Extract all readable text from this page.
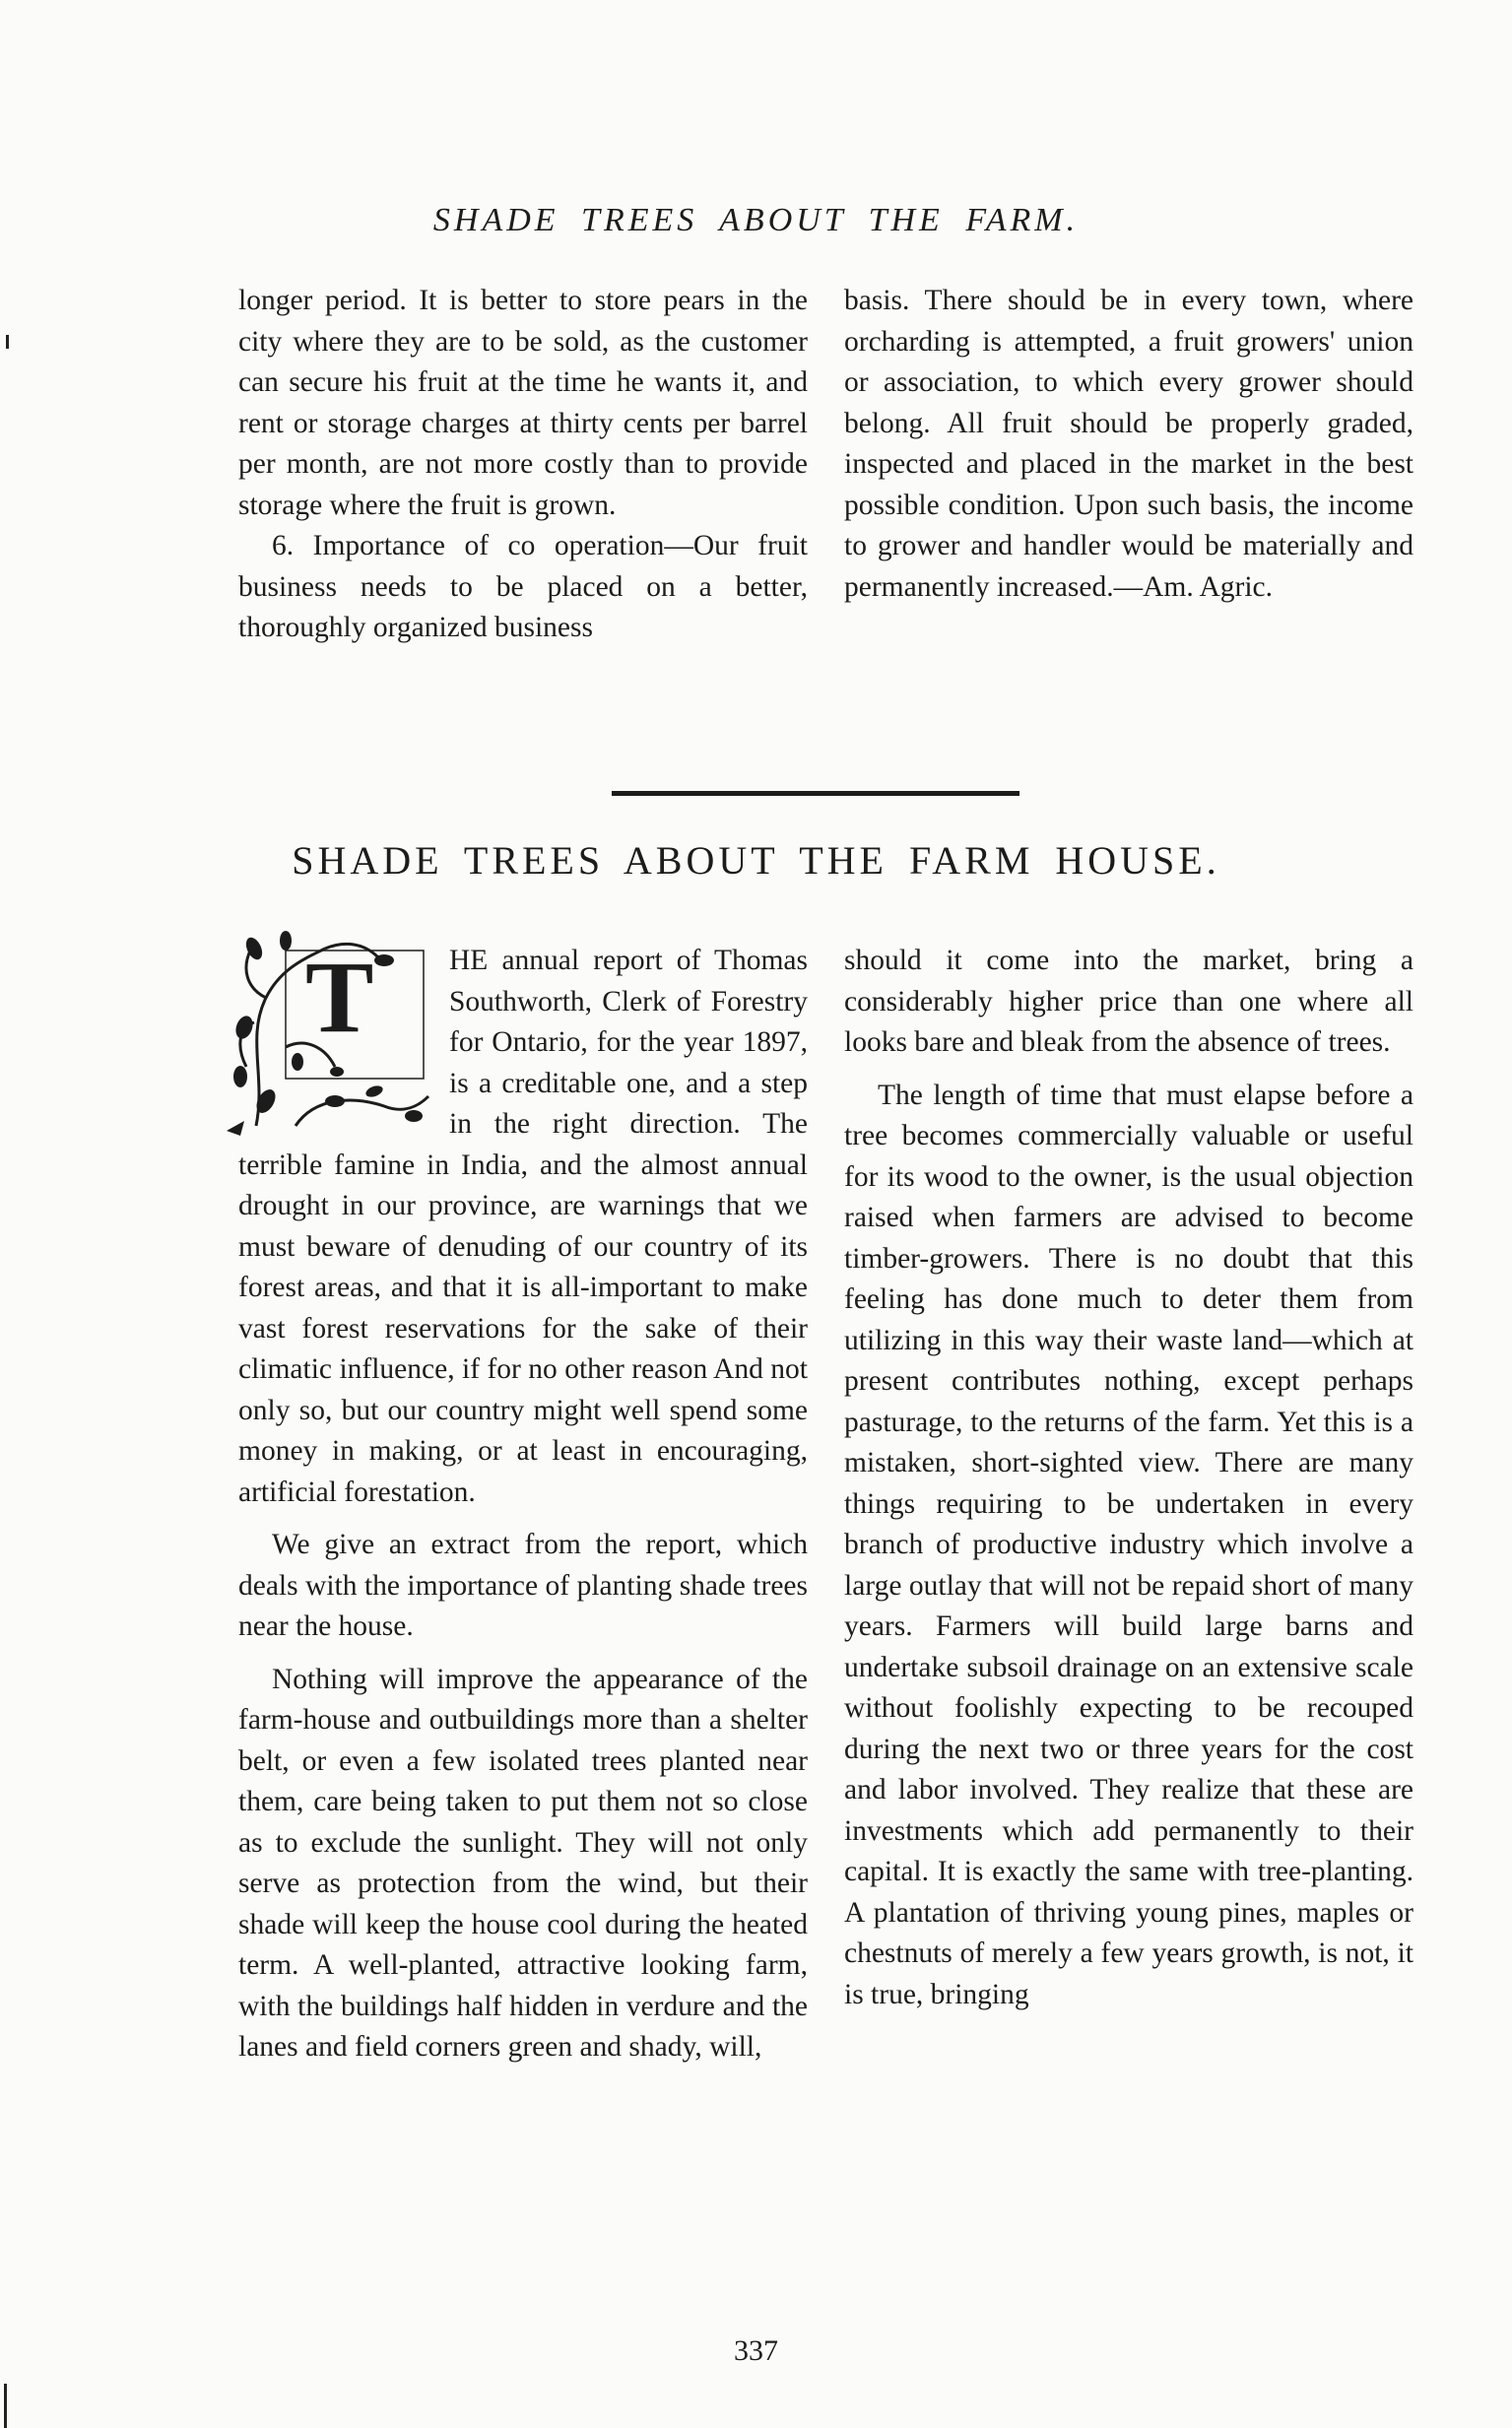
SHADE TREES ABOUT THE FARM.

longer period. It is better to store pears in the city where they are to be sold, as the customer can secure his fruit at the time he wants it, and rent or storage charges at thirty cents per barrel per month, are not more costly than to provide storage where the fruit is grown.

6. Importance of co operation—Our fruit business needs to be placed on a better, thoroughly organized business

basis. There should be in every town, where orcharding is attempted, a fruit growers' union or association, to which every grower should belong. All fruit should be properly graded, inspected and placed in the market in the best possible condition. Upon such basis, the income to grower and handler would be materially and permanently increased.—Am. Agric.

SHADE TREES ABOUT THE FARM HOUSE.

T	HE annual report of Thomas Southworth, Clerk of Forestry for Ontario, for the year 1897, is a creditable one, and a step in the right direction. The terrible famine in India, and the almost annual drought in our province, are warnings that we must beware of denuding of our country of its forest areas, and that it is all-important to make vast forest reservations for the sake of their climatic influence, if for no other reason And not only so, but our country might well spend some money in making, or at least in encouraging, artificial forestation.

We give an extract from the report, which deals with the importance of planting shade trees near the house.

Nothing will improve the appearance of the farm-house and outbuildings more than a shelter belt, or even a few isolated trees planted near them, care being taken to put them not so close as to exclude the sunlight. They will not only serve as protection from the wind, but their shade will keep the house cool during the heated term. A well-planted, attractive looking farm, with the buildings half hidden in verdure and the lanes and field corners green and shady, will,

should it come into the market, bring a considerably higher price than one where all looks bare and bleak from the absence of trees.

The length of time that must elapse before a tree becomes commercially valuable or useful for its wood to the owner, is the usual objection raised when farmers are advised to become timber-growers. There is no doubt that this feeling has done much to deter them from utilizing in this way their waste land—which at present contributes nothing, except perhaps pasturage, to the returns of the farm. Yet this is a mistaken, short-sighted view. There are many things requiring to be undertaken in every branch of productive industry which involve a large outlay that will not be repaid short of many years. Farmers will build large barns and undertake subsoil drainage on an extensive scale without foolishly expecting to be recouped during the next two or three years for the cost and labor involved. They realize that these are investments which add permanently to their capital. It is exactly the same with tree-planting. A plantation of thriving young pines, maples or chestnuts of merely a few years growth, is not, it is true, bringing

337
